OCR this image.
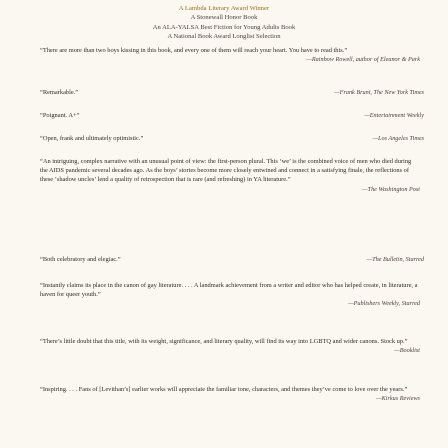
A Lambda Literary Award Winner
A Stonewall Honor Book
An ALA-YALSA Best Fiction for Young Adults Book
A National Book Award Longlist Selection
“There are more than two boys kissing in this book, and every one of them will reach your heart. You have to read this.”
—Rainbow Rowell, author of Eleanor & Park
“Remarkable.”	—Frank Bruni, The New York Times
“Poignant. A+”	—Entertainment Weekly
“Open, frank and ultimately optimistic.”	—Los Angeles Times
“An intriguing, complex narrative with an unusual point of view: the first-person plural. This ‘we’ is the combined voice of men who died during the AIDS pandemic several decades ago. As the boys’ stories become more closely entwined and connect in a satisfying finale, the reflections of these ‘shadow uncles’ lend a quality of retrospection that is rare (and refreshing) in YA literature.”
—The Washington Post
“Both celebratory and elegiac.”	—The Bulletin, Starred
“Instantly claims its place in the canon of gay literature. . . . A landmark achievement from a writer and editor who has helped create, in literature, a haven for queer youth.”
—Publishers Weekly, Starred
“There’s little doubt that this title, with its weight, significance, and literary quality, will find its way into LGBTQ and wider canons. Stock up.”
—Booklist
“Inspiring. . . . Fans of [Levithan’s] earlier works will appreciate the familiar tone, characters, and themes they’ve come to love over the years.”
—Kirkus Reviews
